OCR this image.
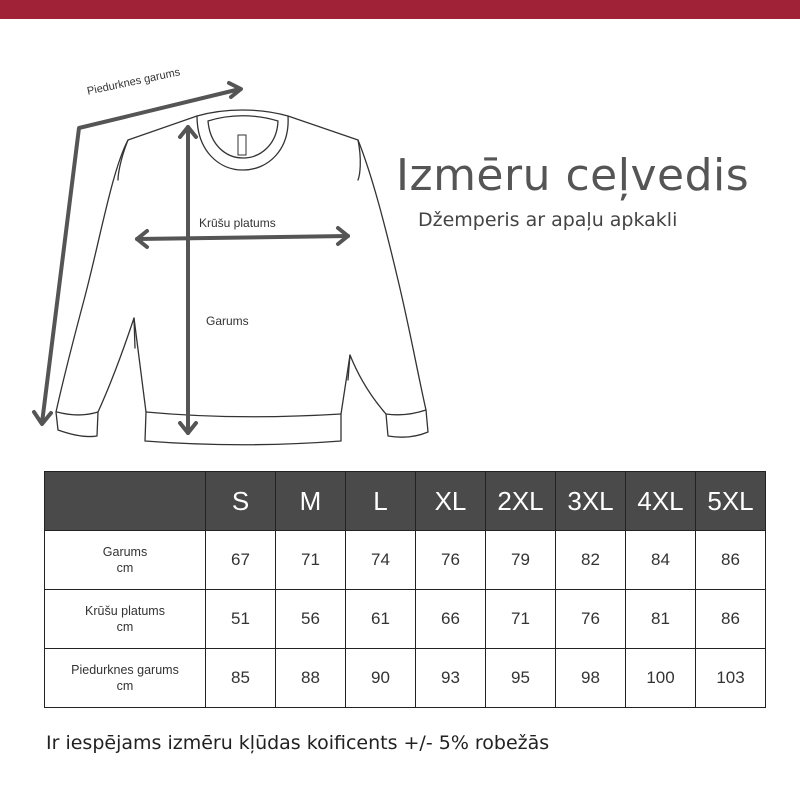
Piedurknes garums
Krūšu platums
Garums
Izmēru ceļvedis
Džemperis ar apaļu apkakli
	S	M	L	XL	2XL	3XL	4XL	5XL
Garums
cm	67	71	74	76	79	82	84	86
Krūšu platums
cm	51	56	61	66	71	76	81	86
Piedurknes garums
cm	85	88	90	93	95	98	100	103
Ir iespējams izmēru kļūdas koificents +/- 5% robežās
